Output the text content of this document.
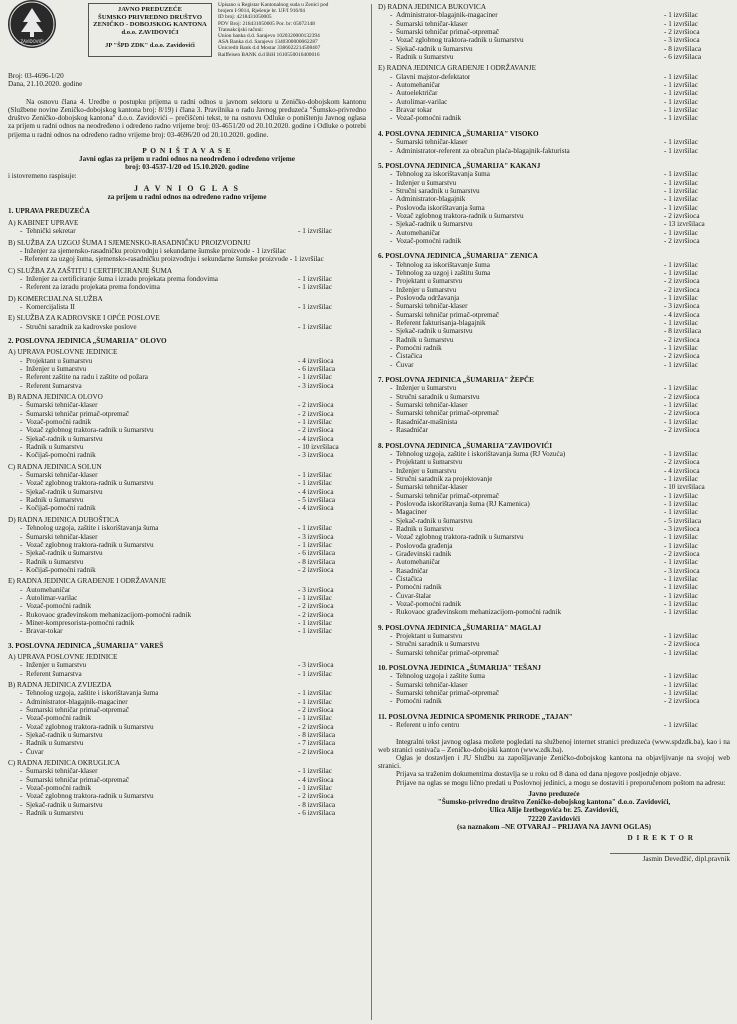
ZAVIDOVIĆI
JAVNO PREDUZEĆE
ŠUMSKO PRIVREDNO DRUŠTVO
ZENIČKO - DOBOJSKOG KANTONA
d.o.o. ZAVIDOVIĆI
JP "ŠPD ZDK" d.o.o. Zavidovići
Upisano u Registar Kantonalnog suda u Zenici pod
brojem I-9014, Rješenje br. UF/I 916/04
ID broj: 4218431050005
PDV Broj: 218431050005 Por. br: 05072148
Transakcijski računi:
Union banka d.d. Sarajevo 1020320000132394
ASA Banka d.d. Sarajevo 1340300000062287
Unicredit Bank d.d Mostar 3386022214508407
Raiffeisen BANK d.d BiH 1610550016400016
Broj: 03-4696-1/20
Dana, 21.10.2020. godine
Na osnovu člana 4. Uredbe o postupku prijema u radni odnos u javnom sektoru u Zeničko-dobojskom kantonu (Službene novine Zeničko-dobojskog kantona broj: 8/19) i člana 3. Pravilnika o radu Javnog preduzeća "Šumsko-privredno društvo Zeničko-dobojskog kantona" d.o.o. Zavidovići – prečišćeni tekst, te na osnovu Odluke o poništenju Javnog oglasa za prijem u radni odnos na neodređeno i određeno radno vrijeme broj: 03-4651/20 od 20.10.2020. godine i Odluke o potrebi prijema u radni odnos na određeno radno vrijeme broj: 03-4696/20 od 20.10.2020. godine.
P O N I Š T A V A S E
Javni oglas za prijem u radni odnos na neodređeno i određeno vrijeme
broj: 03-4537-1/20 od 15.10.2020. godine
i istovremeno raspisuje:
J A V N I O G L A S
za prijem u radni odnos na određeno radno vrijeme
1. UPRAVA PREDUZEĆA
A) KABINET UPRAVE
- Tehnički sekretar	- 1 izvršilac
B) SLUŽBA ZA UZGOJ ŠUMA I SJEMENSKO-RASADNIČKU PROIZVODNJU
- Inženjer za sjemensko-rasadničku proizvodnju i sekundarne šumske proizvode - 1 izvršilac
- Referent za uzgoj šuma, sjemensko-rasadničku proizvodnju i sekundarne šumske proizvode - 1 izvršilac
C) SLUŽBA ZA ZAŠTITU I CERTIFICIRANJE ŠUMA
- Inženjer za certificiranje šuma i izradu projekata prema fondovima	- 1 izvršilac
- Referent za izradu projekata prema fondovima	- 1 izvršilac
D) KOMERCIJALNA SLUŽBA
- Komercijalista II	- 1 izvršilac
E) SLUŽBA ZA KADROVSKE I OPĆE POSLOVE
- Stručni saradnik za kadrovske poslove	- 1 izvršilac
2. POSLOVNA JEDINICA „ŠUMARIJA" OLOVO
A) UPRAVA POSLOVNE JEDINICE
- Projektant u šumarstvu	- 4 izvršioca
- Inženjer u šumarstvu	- 6 izvršilaca
- Referent zaštite na radu i zaštite od požara	- 1 izvršilac
- Referent šumarstva	- 3 izvršioca
B) RADNA JEDINICA OLOVO
- Šumarski tehničar-klaser	- 2 izvršioca
- Šumarski tehničar primač-otpremač	- 2 izvršioca
- Vozač-pomoćni radnik	- 1 izvršilac
- Vozač zglobnog traktora-radnik u šumarstvu	- 2 izvršioca
- Sjekač-radnik u šumarstvu	- 4 izvršioca
- Radnik u šumarstvu	- 10 izvršilaca
- Kočijaš-pomoćni radnik	- 3 izvršioca
C) RADNA JEDINICA SOLUN
- Šumarski tehničar-klaser	- 1 izvršilac
- Vozač zglobnog traktora-radnik u šumarstvu	- 1 izvršilac
- Sjekač-radnik u šumarstvu	- 4 izvršioca
- Radnik u šumarstvu	- 5 izvršilaca
- Kočijaš-pomoćni radnik	- 4 izvršioca
D) RADNA JEDINICA DUBOŠTICA
- Tehnolog uzgoja, zaštite i iskorištavanja šuma	- 1 izvršilac
- Šumarski tehničar-klaser	- 3 izvršioca
- Vozač zglobnog traktora-radnik u šumarstvu	- 1 izvršilac
- Sjekač-radnik u šumarstvu	- 6 izvršilaca
- Radnik u šumarstvu	- 8 izvršilaca
- Kočijaš-pomoćni radnik	- 2 izvršioca
E) RADNA JEDINICA GRAĐENJE I ODRŽAVANJE
- Automehaničar	- 3 izvršioca
- Autolimar-varilac	- 1 izvršilac
- Vozač-pomoćni radnik	- 2 izvršioca
- Rukovaoc građevinskom mehanizacijom-pomoćni radnik	- 2 izvršioca
- Miner-kompresorista-pomoćni radnik	- 1 izvršilac
- Bravar-tokar	- 1 izvršilac
3. POSLOVNA JEDINICA „ŠUMARIJA" VAREŠ
A) UPRAVA POSLOVNE JEDINICE
- Inženjer u šumarstvu	- 3 izvršioca
- Referent šumarstva	- 1 izvršilac
B) RADNA JEDINICA ZVIJEZDA
- Tehnolog uzgoja, zaštite i iskorištavanja šuma	- 1 izvršilac
- Administrator-blagajnik-magaciner	- 1 izvršilac
- Šumarski tehničar primač-otpremač	- 2 izvršioca
- Vozač-pomoćni radnik	- 1 izvršilac
- Vozač zglobnog traktora-radnik u šumarstvu	- 2 izvršioca
- Sjekač-radnik u šumarstvu	- 8 izvršilaca
- Radnik u šumarstvu	- 7 izvršilaca
- Čuvar	- 2 izvršioca
C) RADNA JEDINICA OKRUGLICA
- Šumarski tehničar-klaser	- 1 izvršilac
- Šumarski tehničar primač-otpremač	- 4 izvršioca
- Vozač-pomoćni radnik	- 1 izvršilac
- Vozač zglobnog traktora-radnik u šumarstvu	- 2 izvršioca
- Sjekač-radnik u šumarstvu	- 8 izvršilaca
- Radnik u šumarstvu	- 6 izvršilaca
D) RADNA JEDINICA BUKOVICA
- Administrator-blagajnik-magaciner	- 1 izvršilac
- Šumarski tehničar-klaser	- 1 izvršilac
- Šumarski tehničar primač-otpremač	- 2 izvršioca
- Vozač zglobnog traktora-radnik u šumarstvu	- 3 izvršioca
- Sjekač-radnik u šumarstvu	- 8 izvršilaca
- Radnik u šumarstvu	- 6 izvršilaca
E) RADNA JEDINICA GRAĐENJE I ODRŽAVANJE
- Glavni majstor-defektator	- 1 izvršilac
- Automehaničar	- 1 izvršilac
- Autoelektričar	- 1 izvršilac
- Autolimar-varilac	- 1 izvršilac
- Bravar tokar	- 1 izvršilac
- Vozač-pomoćni radnik	- 1 izvršilac
4. POSLOVNA JEDINICA „ŠUMARIJA" VISOKO
- Šumarski tehničar-klaser	- 1 izvršilac
- Administrator-referent za obračun plaća-blagajnik-fakturista	- 1 izvršilac
5. POSLOVNA JEDINICA „ŠUMARIJA" KAKANJ
- Tehnolog za iskorištavanja šuma	- 1 izvršilac
- Inženjer u šumarstvu	- 1 izvršilac
- Stručni saradnik u šumarstvu	- 1 izvršilac
- Administrator-blagajnik	- 1 izvršilac
- Poslovođa iskorištavanja šuma	- 1 izvršilac
- Vozač zglobnog traktora-radnik u šumarstvu	- 2 izvršioca
- Sjekač-radnik u šumarstvu	- 13 izvršilaca
- Automehaničar	- 1 izvršilac
- Vozač-pomoćni radnik	- 2 izvršioca
6. POSLOVNA JEDINICA „ŠUMARIJA" ZENICA
- Tehnolog za iskorištavanje šuma	- 1 izvršilac
- Tehnolog za uzgoj i zaštitu šuma	- 1 izvršilac
- Projektant u šumarstvu	- 2 izvršioca
- Inženjer u šumarstvu	- 2 izvršioca
- Poslovođa održavanja	- 1 izvršilac
- Šumarski tehničar-klaser	- 3 izvršioca
- Šumarski tehničar primač-otpremač	- 4 izvršioca
- Referent fakturisanja-blagajnik	- 1 izvršilac
- Sjekač-radnik u šumarstvu	- 8 izvršilaca
- Radnik u šumarstvu	- 2 izvršioca
- Pomoćni radnik	- 1 izvršilac
- Čistačica	- 2 izvršioca
- Čuvar	- 1 izvršilac
7. POSLOVNA JEDINICA „ŠUMARIJA" ŽEPČE
- Inženjer u šumarstvu	- 1 izvršilac
- Stručni saradnik u šumarstvu	- 2 izvršioca
- Šumarski tehničar-klaser	- 1 izvršilac
- Šumarski tehničar primač-otpremač	- 2 izvršioca
- Rasadničar-mašinista	- 1 izvršilac
- Rasadničar	- 2 izvršioca
8. POSLOVNA JEDINICA „ŠUMARIJA"ZAVIDOVIĆI
- Tehnolog uzgoja, zaštite i iskorištavanja šuma (RJ Vozuća)	- 1 izvršilac
- Projektant u šumarstvu	- 2 izvršioca
- Inženjer u šumarstvu	- 4 izvršioca
- Stručni saradnik za projektovanje	- 1 izvršilac
- Šumarski tehničar-klaser	- 10 izvršilaca
- Šumarski tehničar primač-otpremač	- 1 izvršilac
- Poslovođa iskorištavanja šuma (RJ Kamenica)	- 1 izvršilac
- Magaciner	- 1 izvršilac
- Sjekač-radnik u šumarstvu	- 5 izvršilaca
- Radnik u šumarstvu	- 3 izvršioca
- Vozač zglobnog traktora-radnik u šumarstvu	- 1 izvršilac
- Poslovođa građenja	- 1 izvršilac
- Građevinski radnik	- 2 izvršioca
- Automehaničar	- 1 izvršilac
- Rasadničar	- 3 izvršioca
- Čistačica	- 1 izvršilac
- Pomoćni radnik	- 1 izvršilac
- Čuvar-štalar	- 1 izvršilac
- Vozač-pomoćni radnik	- 1 izvršilac
- Rukovaoc građevinskom mehanizacijom-pomoćni radnik	- 1 izvršilac
9. POSLOVNA JEDINICA „ŠUMARIJA" MAGLAJ
- Projektant u šumarstvu	- 1 izvršilac
- Stručni saradnik u šumarstvu	- 2 izvršioca
- Šumarski tehničar primač-otpremač	- 1 izvršilac
10. POSLOVNA JEDINICA „ŠUMARIJA" TEŠANJ
- Tehnolog uzgoja i zaštite šuma	- 1 izvršilac
- Šumarski tehničar-klaser	- 1 izvršilac
- Šumarski tehničar primač-otpremač	- 1 izvršilac
- Pomoćni radnik	- 2 izvršioca
11. POSLOVNA JEDINICA SPOMENIK PRIRODE „TAJAN"
- Referent u info centru	- 1 izvršilac

Integralni tekst javnog oglasa možete pogledati na službenoj internet stranici preduzeća (www.spdzdk.ba), kao i na web stranici osnivača – Zeničko-dobojski kanton (www.zdk.ba).

Oglas je dostavljen i JU Službu za zapošljavanje Zeničko-dobojskog kantona na objavljivanje na svojoj web stranici.

Prijava sa traženim dokumentima dostavlja se u roku od 8 dana od dana njegove posljednje objave.

Prijave na oglas se mogu lično predati u Poslovnoj jedinici, a mogu se dostaviti i preporučenom poštom na adresu:

Javno preduzeće
"Šumsko-privredno društvo Zeničko-dobojskog kantona" d.o.o. Zavidovići,
Ulica Alije Izetbegovića br. 25. Zavidovići,
72220 Zavidovići
(sa naznakom –NE OTVARAJ – PRIJAVA NA JAVNI OGLAS)
D I R E K T O R
Jasmin Devedžić, dipl.pravnik
